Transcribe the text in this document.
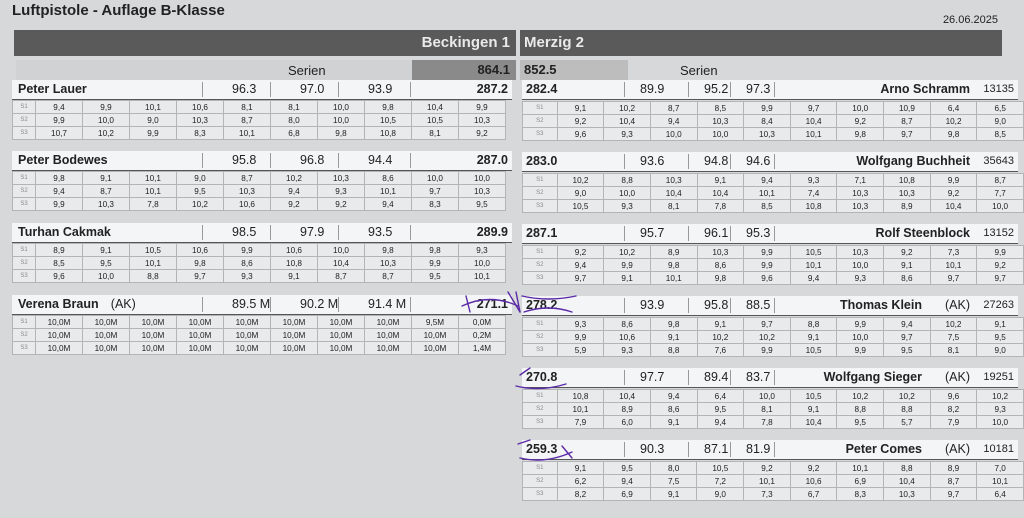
Luftpistole - Auflage B-Klasse
26.06.2025
Beckingen 1 Merzig 2
Serien	864.1	852.5	Serien
Peter Lauer	96.3	97.0	93.9	287.2
S1	9,4	9,9	10,1	10,6	8,1	8,1	10,0	9,8	10,4	9,9
S2	9,9	10,0	9,0	10,3	8,7	8,0	10,0	10,5	10,5	10,3
S3	10,7	10,2	9,9	8,3	10,1	6,8	9,8	10,8	8,1	9,2
Peter Bodewes	95.8	96.8	94.4	287.0
S1	9,8	9,1	10,1	9,0	8,7	10,2	10,3	8,6	10,0	10,0
S2	9,4	8,7	10,1	9,5	10,3	9,4	9,3	10,1	9,7	10,3
S3	9,9	10,3	7,8	10,2	10,6	9,2	9,2	9,4	8,3	9,5
Turhan Cakmak	98.5	97.9	93.5	289.9
S1	8,9	9,1	10,5	10,6	9,9	10,6	10,0	9,8	9,8	9,3
S2	8,5	9,5	10,1	9,8	8,6	10,8	10,4	10,3	9,9	10,0
S3	9,6	10,0	8,8	9,7	9,3	9,1	8,7	8,7	9,5	10,1
Verena Braun (AK)	89.5 M 90.2 M 91.4 M	271.1
S1	10,0M	10,0M	10,0M	10,0M	10,0M	10,0M	10,0M	10,0M	9,5M	0,0M
S2	10,0M	10,0M	10,0M	10,0M	10,0M	10,0M	10,0M	10,0M	10,0M	0,2M
S3	10,0M	10,0M	10,0M	10,0M	10,0M	10,0M	10,0M	10,0M	10,0M	1,4M
282.4	89.9	95.2 97.3	Arno Schramm 13135
S1	9,1	10,2	8,7	8,5	9,9	9,7	10,0	10,9	6,4	6,5
S2	9,2	10,4	9,4	10,3	8,4	10,4	9,2	8,7	10,2	9,0
S3	9,6	9,3	10,0	10,0	10,3	10,1	9,8	9,7	9,8	8,5
283.0	93.6	94.8 94.6	Wolfgang Buchheit 35643
S1	10,2	8,8	10,3	9,1	9,4	9,3	7,1	10,8	9,9	8,7
S2	9,0	10,0	10,4	10,4	10,1	7,4	10,3	10,3	9,2	7,7
S3	10,5	9,3	8,1	7,8	8,5	10,8	10,3	8,9	10,4	10,0
287.1	95.7	96.1 95.3	Rolf Steenblock 13152
S1	9,2	10,2	8,9	10,3	9,9	10,5	10,3	9,2	7,3	9,9
S2	9,4	9,9	9,8	8,6	9,9	10,1	10,0	9,1	10,1	9,2
S3	9,7	9,1	10,1	9,8	9,6	9,4	9,3	8,6	9,7	9,7
278.2	93.9	95.8 88.5	Thomas Klein (AK) 27263
S1	9,3	8,6	9,8	9,1	9,7	8,8	9,9	9,4	10,2	9,1
S2	9,9	10,6	9,1	10,2	10,2	9,1	10,0	9,7	7,5	9,5
S3	5,9	9,3	8,8	7,6	9,9	10,5	9,9	9,5	8,1	9,0
270.8	97.7	89.4 83.7	Wolfgang Sieger (AK) 19251
S1	10,8	10,4	9,4	6,4	10,0	10,5	10,2	10,2	9,6	10,2
S2	10,1	8,9	8,6	9,5	8,1	9,1	8,8	8,8	8,2	9,3
S3	7,9	6,0	9,1	9,4	7,8	10,4	9,5	5,7	7,9	10,0
259.3	90.3	87.1 81.9	Peter Comes (AK) 10181
S1	9,1	9,5	8,0	10,5	9,2	9,2	10,1	8,8	8,9	7,0
S2	6,2	9,4	7,5	7,2	10,1	10,6	6,9	10,4	8,7	10,1
S3	8,2	6,9	9,1	9,0	7,3	6,7	8,3	10,3	9,7	6,4
